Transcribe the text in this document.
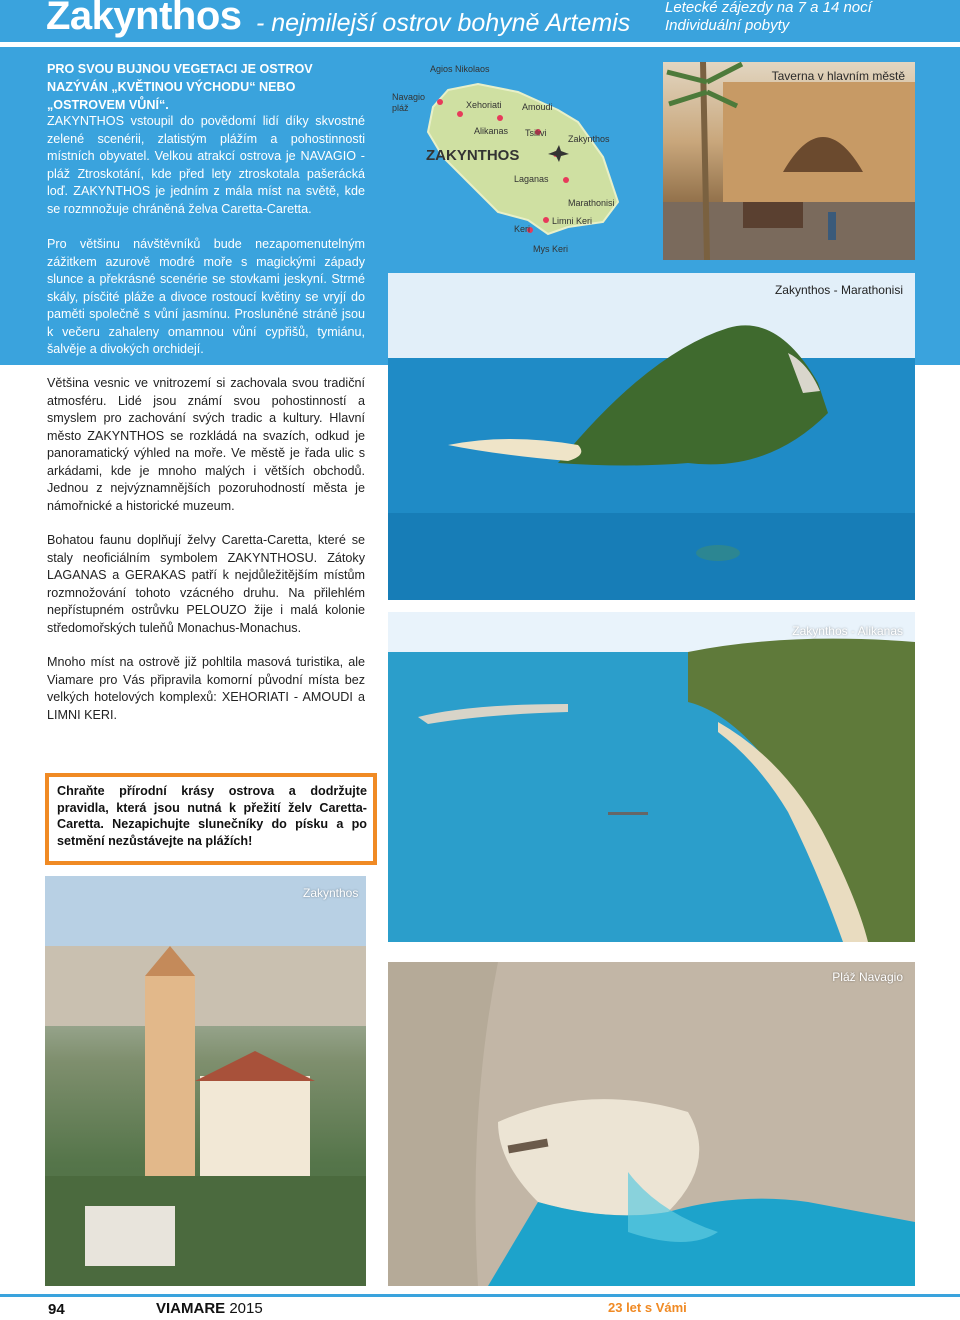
Zakynthos - nejmilejší ostrov bohyně Artemis
Letecké zájezdy na 7 a 14 nocí
Individuální pobyty
PRO SVOU BUJNOU VEGETACI JE OSTROV NAZÝVÁN „KVĚTINOU VÝCHODU“ NEBO „OSTROVEM VŮNÍ“.
ZAKYNTHOS vstoupil do povědomí lidí díky skvostné zelené scenérii, zlatistým plážím a pohostinnosti místních obyvatel. Velkou atrakcí ostrova je NAVAGIO - pláž Ztroskotání, kde před lety ztroskotala pašerácká loď. ZAKYNTHOS je jedním z mála míst na světě, kde se rozmnožuje chráněná želva Caretta-Caretta.
Pro většinu návštěvníků bude nezapomenutelným zážitkem azurově modré moře s magickými západy slunce a překrásné scenérie se stovkami jeskyní. Strmé skály, písčité pláže a divoce rostoucí květiny se vryjí do paměti společně s vůní jasmínu. Prosluněné stráně jsou k večeru zahaleny omamnou vůní cypřišů, tymiánu, šalvěje a divokých orchidejí.
ZAKYNTHOS
Agios Nikolaos
Navagio pláž	Xehoriati Amoudi
Alikanas Tsilivi
Zakynthos
Laganas
Marathonisi
Limni Keri
Keri
Mys Keri
Taverna v hlavním městě
Zakynthos - Marathonisi
Většina vesnic ve vnitrozemí si zachovala svou tradiční atmosféru. Lidé jsou známí svou pohostinností a smyslem pro zachování svých tradic a kultury. Hlavní město ZAKYNTHOS se rozkládá na svazích, odkud je panoramatický výhled na moře. Ve městě je řada ulic s arkádami, kde je mnoho malých i větších obchodů. Jednou z nejvýznamnějších pozoruhodností města je námořnické a historické muzeum.
Bohatou faunu doplňují želvy Caretta-Caretta, které se staly neoficiálním symbolem ZAKYNTHOSU. Zátoky LAGANAS a GERAKAS patří k nejdůležitějším místům rozmnožování tohoto vzácného druhu. Na přilehlém nepřístupném ostrůvku PELOUZO žije i malá kolonie středomořských tuleňů Monachus-Monachus.
Mnoho míst na ostrově již pohltila masová turistika, ale Viamare pro Vás připravila komorní původní místa bez velkých hotelových komplexů: XEHORIATI - AMOUDI a LIMNI KERI.
Zakynthos - Alikanas
Chraňte přírodní krásy ostrova a dodržujte pravidla, která jsou nutná k přežití želv Caretta-Caretta. Nezapichujte slunečníky do písku a po setmění nezůstávejte na plážích!
Zakynthos
Pláž Navagio
94	VIAMARE 2015	23 let s Vámi
